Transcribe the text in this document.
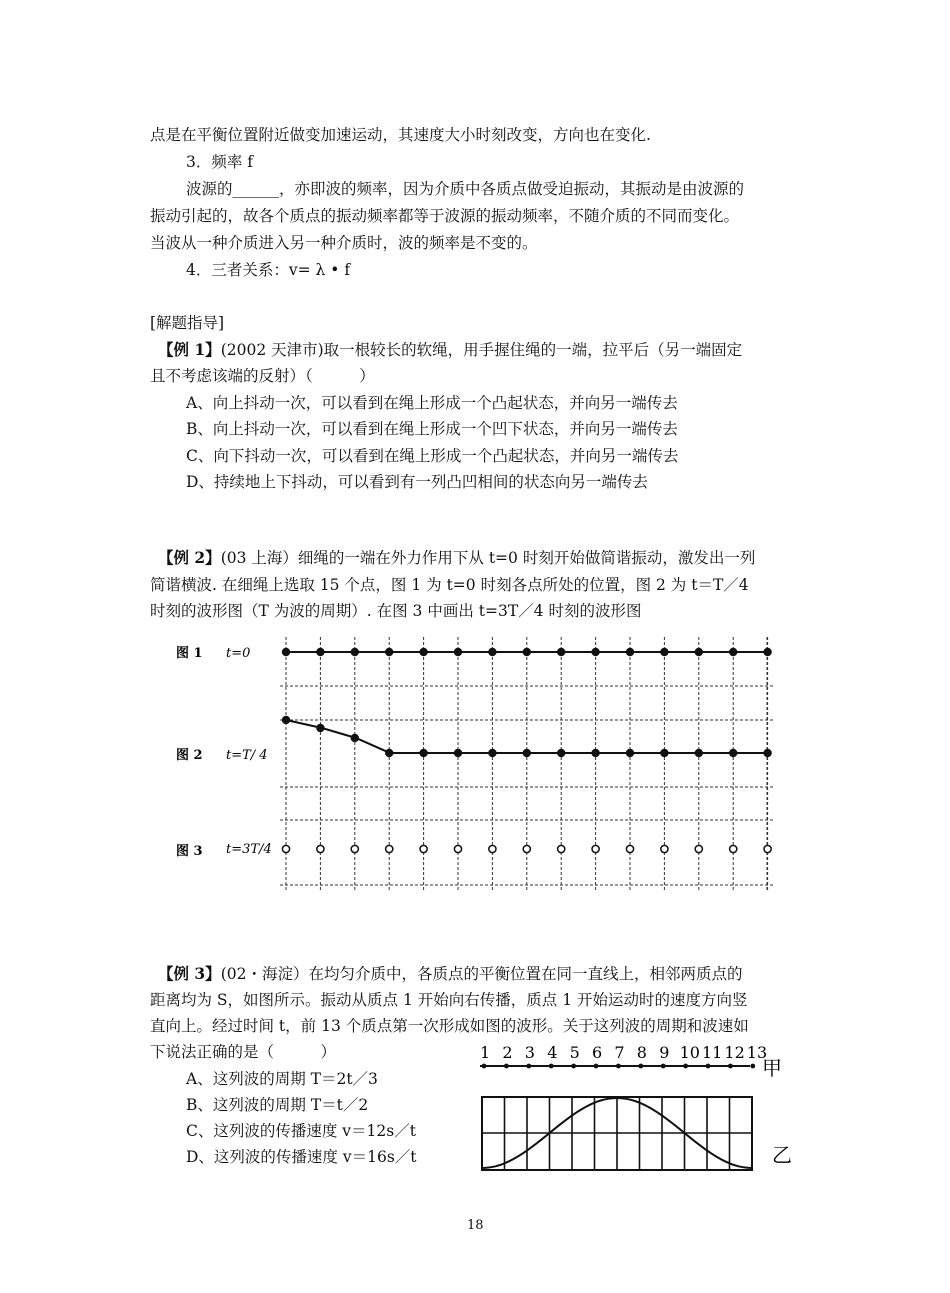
点是在平衡位置附近做变加速运动，其速度大小时刻改变，方向也在变化.
3．频率 f
波源的______，亦即波的频率，因为介质中各质点做受迫振动，其振动是由波源的
振动引起的，故各个质点的振动频率都等于波源的振动频率，不随介质的不同而变化。
当波从一种介质进入另一种介质时，波的频率是不变的。
4．三者关系：v= λ • f
[解题指导]
【例 1】(2002 天津市)取一根较长的软绳，用手握住绳的一端，拉平后（另一端固定
且不考虑该端的反射）（　　　）
A、向上抖动一次，可以看到在绳上形成一个凸起状态，并向另一端传去
B、向上抖动一次，可以看到在绳上形成一个凹下状态，并向另一端传去
C、向下抖动一次，可以看到在绳上形成一个凸起状态，并向另一端传去
D、持续地上下抖动，可以看到有一列凸凹相间的状态向另一端传去
【例 2】(03 上海）细绳的一端在外力作用下从 t=0 时刻开始做简谐振动，激发出一列
简谐横波. 在细绳上选取 15 个点，图 1 为 t=0 时刻各点所处的位置，图 2 为 t＝T／4
时刻的波形图（T 为波的周期）. 在图 3 中画出 t=3T／4 时刻的波形图
图 1 t=0
图 2 t=T/ 4
图 3 t=3T/4
【例 3】(02・海淀）在均匀介质中，各质点的平衡位置在同一直线上，相邻两质点的
距离均为 S，如图所示。振动从质点 1 开始向右传播，质点 1 开始运动时的速度方向竖
直向上。经过时间 t，前 13 个质点第一次形成如图的波形。关于这列波的周期和波速如
下说法正确的是（　　　）
A、这列波的周期 T＝2t／3
B、这列波的周期 T＝t／2
C、这列波的传播速度 v＝12s／t
D、这列波的传播速度 v＝16s／t
1 2 3 4 5 6 7 8 9 10 11 12 13
甲
乙
18
